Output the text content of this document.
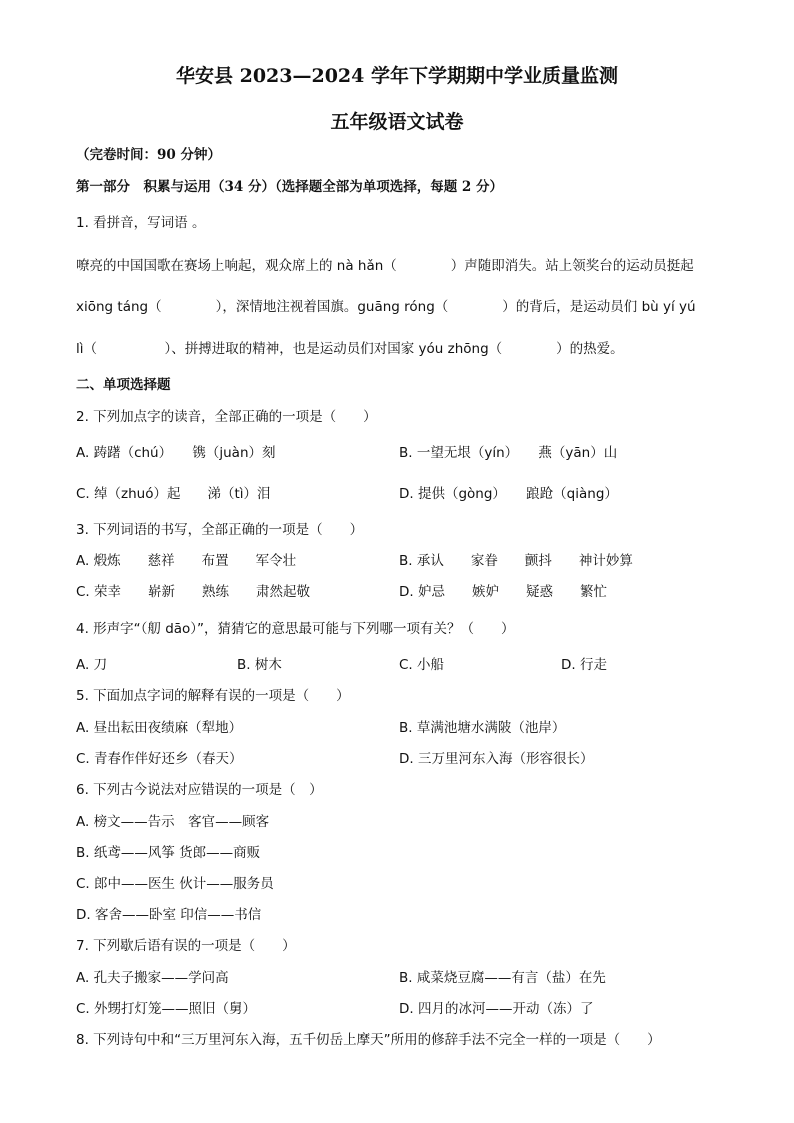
华安县 2023—2024 学年下学期期中学业质量监测
五年级语文试卷
（完卷时间：90 分钟）
第一部分　积累与运用（34 分）（选择题全部为单项选择，每题 2 分）
1. 看拼音，写词语 。
嘹亮的中国国歌在赛场上响起，观众席上的 nà hǎn（　　　　）声随即消失。站上领奖台的运动员挺起
xiōng táng（　　　　），深情地注视着国旗。guāng róng（　　　　）的背后，是运动员们 bù yí yú
lì（　　　　　）、拼搏进取的精神，也是运动员们对国家 yóu zhōng（　　　　）的热爱。
二、单项选择题
2. 下列加点字的读音，全部正确的一项是（　　）
A. 踌躇（chú）　　镌（juàn）刻	B. 一望无垠（yín）　　燕（yān）山
C. 绰（zhuó）起　　涕（tì）泪	D. 提供（gòng）　　踉跄（qiàng）
3. 下列词语的书写，全部正确的一项是（　　）
A. 煅炼　　慈祥　　布置　　军令壮	B. 承认　　家眷　　颤抖　　神计妙算
C. 荣幸　　崭新　　熟练　　肃然起敬	D. 妒忌　　嫉妒　　疑惑　　繁忙
4. 形声字“（舠 dāo）”，猜猜它的意思最可能与下列哪一项有关？（　　）
A. 刀	B. 树木	C. 小船	D. 行走
5. 下面加点字词的解释有误的一项是（　　）
A. 昼出耘田夜绩麻（犁地）	B. 草满池塘水满陂（池岸）
C. 青春作伴好还乡（春天）	D. 三万里河东入海（形容很长）
6. 下列古今说法对应错误的一项是（　）
A. 榜文——告示　客官——顾客
B. 纸鸢——风筝 货郎——商贩
C. 郎中——医生 伙计——服务员
D. 客舍——卧室 印信——书信
7. 下列歇后语有误的一项是（　　）
A. 孔夫子搬家——学问高	B. 咸菜烧豆腐——有言（盐）在先
C. 外甥打灯笼——照旧（舅）	D. 四月的冰河——开动（冻）了
8. 下列诗句中和“三万里河东入海，五千仞岳上摩天”所用的修辞手法不完全一样的一项是（　　）
